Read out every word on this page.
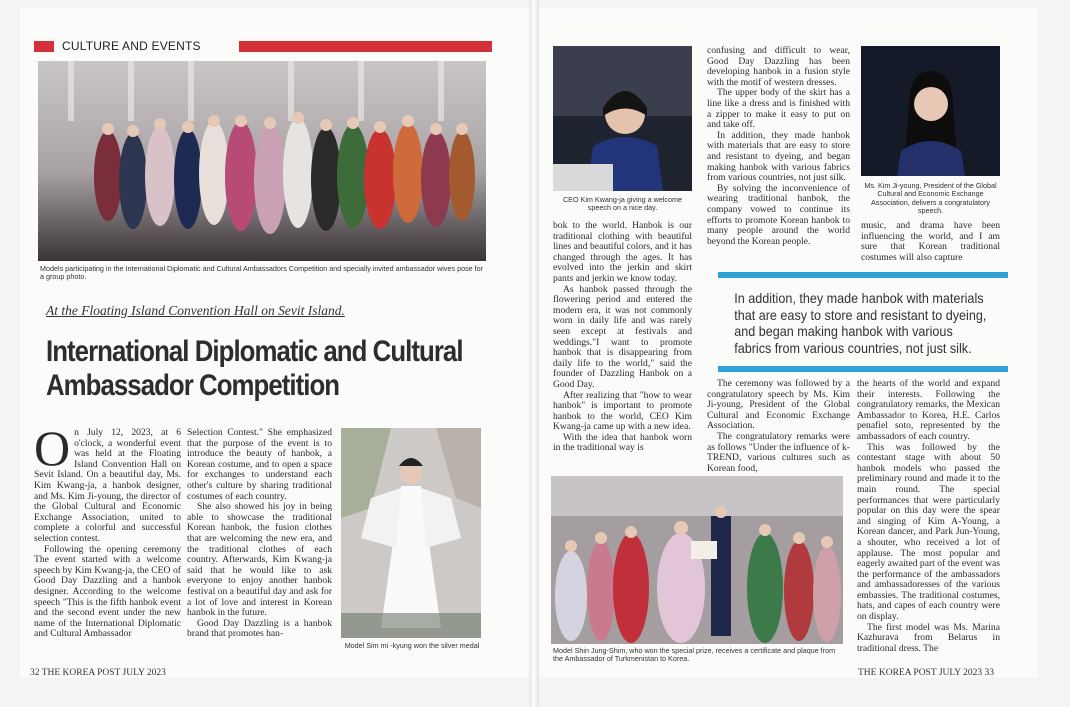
CULTURE AND EVENTS
Models participating in the International Diplomatic and Cultural Ambassadors Competition and specially invited ambassador wives pose for a group photo.
At the Floating Island Convention Hall on Sevit Island.
International Diplomatic and Cultural Ambassador Competition
O n July 12, 2023, at 6 o'clock, a wonderful event was held at the Floating Island Convention Hall on Sevit Island. On a beautiful day, Ms. Kim Kwang-ja, a hanbok designer, and Ms. Kim Ji-young, the director of the Global Cultural and Economic Exchange Association, united to complete a colorful and successful selection contest.

Following the opening ceremony The event started with a welcome speech by Kim Kwang-ja, the CEO of Good Day Dazzling and a hanbok designer. According to the welcome speech "This is the fifth hanbok event and the second event under the new name of the International Diplomatic and Cultural Ambassador

Selection Contest." She emphasized that the purpose of the event is to introduce the beauty of hanbok, a Korean costume, and to open a space for exchanges to understand each other's culture by sharing traditional costumes of each country.

She also showed his joy in being able to showcase the traditional Korean hanbok, the fusion clothes that are welcoming the new era, and the traditional clothes of each country. Afterwards, Kim Kwang-ja said that he would like to ask everyone to enjoy another hanbok festival on a beautiful day and ask for a lot of love and interest in Korean hanbok in the future.

Good Day Dazzling is a hanbok brand that promotes han-

Model Sim mi -kyung won the silver medal
32 THE KOREA POST JULY 2023
CEO Kim Kwang-ja giving a welcome speech on a nice day.

bok to the world. Hanbok is our traditional clothing with beautiful lines and beautiful colors, and it has changed through the ages. It has evolved into the jerkin and skirt pants and jerkin we know today.

As hanbok passed through the flowering period and entered the modern era, it was not commonly worn in daily life and was rarely seen except at festivals and weddings."I want to promote hanbok that is disappearing from daily life to the world," said the founder of Dazzling Hanbok on a Good Day.

After realizing that "how to wear hanbok" is important to promote hanbok to the world, CEO Kim Kwang-ja came up with a new idea.

With the idea that hanbok worn in the traditional way is

confusing and difficult to wear, Good Day Dazzling has been developing hanbok in a fusion style with the motif of western dresses.

The upper body of the skirt has a line like a dress and is finished with a zipper to make it easy to put on and take off.

In addition, they made hanbok with materials that are easy to store and resistant to dyeing, and began making hanbok with various fabrics from various countries, not just silk.

By solving the inconvenience of wearing traditional hanbok, the company vowed to continue its efforts to promote Korean hanbok to many people around the world beyond the Korean people.

Ms. Kim Ji-young, President of the Global Cultural and Economic Exchange Association, delivers a congratulatory speech.

music, and drama have been influencing the world, and I am sure that Korean traditional costumes will also capture

In addition, they made hanbok with materials that are easy to store and resistant to dyeing, and began making hanbok with various fabrics from various countries, not just silk.

The ceremony was followed by a congratulatory speech by Ms. Kim Ji-young, President of the Global Cultural and Economic Exchange Association.

The congratulatory remarks were as follows "Under the influence of k-TREND, various cultures such as Korean food,

the hearts of the world and expand their interests. Following the congratulatory remarks, the Mexican Ambassador to Korea, H.E. Carlos penafiel soto, represented by the ambassadors of each country.

This was followed by the contestant stage with about 50 hanbok models who passed the preliminary round and made it to the main round. The special performances that were particularly popular on this day were the spear and singing of Kim A-Young, a Korean dancer, and Park Jun-Young, a shouter, who received a lot of applause. The most popular and eagerly awaited part of the event was the performance of the ambassadors and ambassadoresses of the various embassies. The traditional costumes, hats, and capes of each country were on display.

The first model was Ms. Marina Kazhurava from Belarus in traditional dress. The

Model Shin Jung-Shim, who won the special prize, receives a certificate and plaque from the Ambassador of Turkmenistan to Korea.
THE KOREA POST JULY 2023 33
